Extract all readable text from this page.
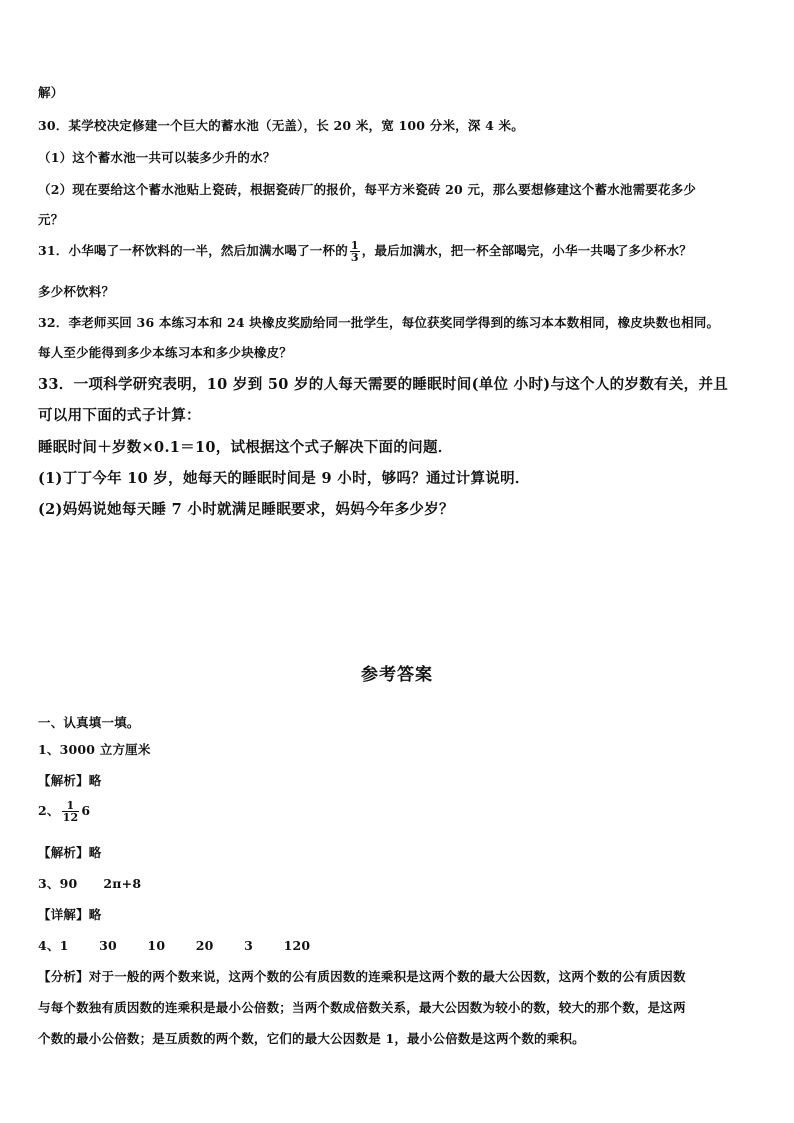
解）
30．某学校决定修建一个巨大的蓄水池（无盖），长 20 米，宽 100 分米，深 4 米。
（1）这个蓄水池一共可以装多少升的水？
（2）现在要给这个蓄水池贴上瓷砖，根据瓷砖厂的报价，每平方米瓷砖 20 元，那么要想修建这个蓄水池需要花多少
元？
31．小华喝了一杯饮料的一半，然后加满水喝了一杯的 $\frac{1}{3}$ ，最后加满水，把一杯全部喝完，小华一共喝了多少杯水？
多少杯饮料？
32．李老师买回 36 本练习本和 24 块橡皮奖励给同一批学生，每位获奖同学得到的练习本本数相同，橡皮块数也相同。
每人至少能得到多少本练习本和多少块橡皮？
33．一项科学研究表明，10 岁到 50 岁的人每天需要的睡眠时间(单位 小时)与这个人的岁数有关，并且
可以用下面的式子计算：
睡眠时间＋岁数×0.1＝10，试根据这个式子解决下面的问题．
(1)丁丁今年 10 岁，她每天的睡眠时间是 9 小时，够吗？通过计算说明．
(2)妈妈说她每天睡 7 小时就满足睡眠要求，妈妈今年多少岁？
参考答案
一、认真填一填。
1、3000 立方厘米
【解析】略
2、 $\frac{1}{12} 6$
【解析】略
3、90 2π+8
【详解】略
4、1 30 10 20 3 120
【分析】对于一般的两个数来说，这两个数的公有质因数的连乘积是这两个数的最大公因数，这两个数的公有质因数
与每个数独有质因数的连乘积是最小公倍数；当两个数成倍数关系，最大公因数为较小的数，较大的那个数，是这两
个数的最小公倍数；是互质数的两个数，它们的最大公因数是 1，最小公倍数是这两个数的乘积。
